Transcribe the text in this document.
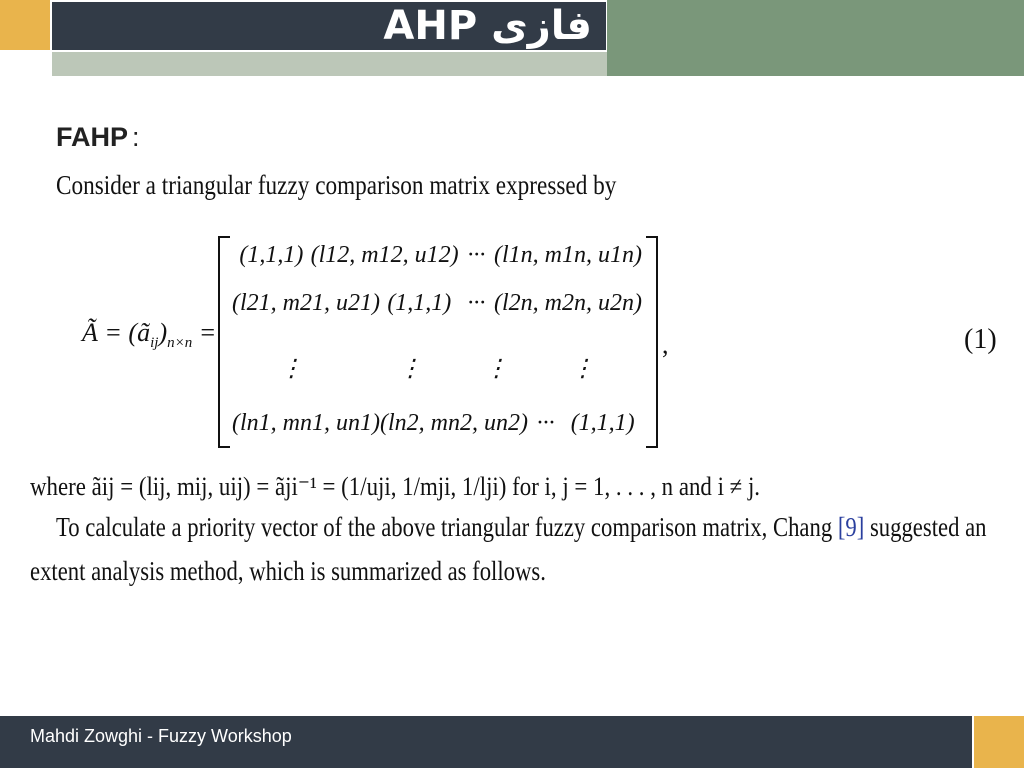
AHP فازی
FAHP :
Consider a triangular fuzzy comparison matrix expressed by
Ã = $(ã_{ij})_{n\times n}$ =
(1,1,1) (l12, m12, u12) ··· (l1n, m1n, u1n)
(l21, m21, u21) (1,1,1) ··· (l2n, m2n, u2n)
⋮	⋮	⋮	⋮
(ln1, mn1, un1) (ln2, mn2, un2) ··· (1,1,1)
,	(1)
where ãij = (lij, mij, uij) = ãji⁻¹ = (1/uji, 1/mji, 1/lji) for i, j = 1, . . . , n and i ≠ j.
To calculate a priority vector of the above triangular fuzzy comparison matrix, Chang [9] suggested an
extent analysis method, which is summarized as follows.
Mahdi Zowghi - Fuzzy Workshop
